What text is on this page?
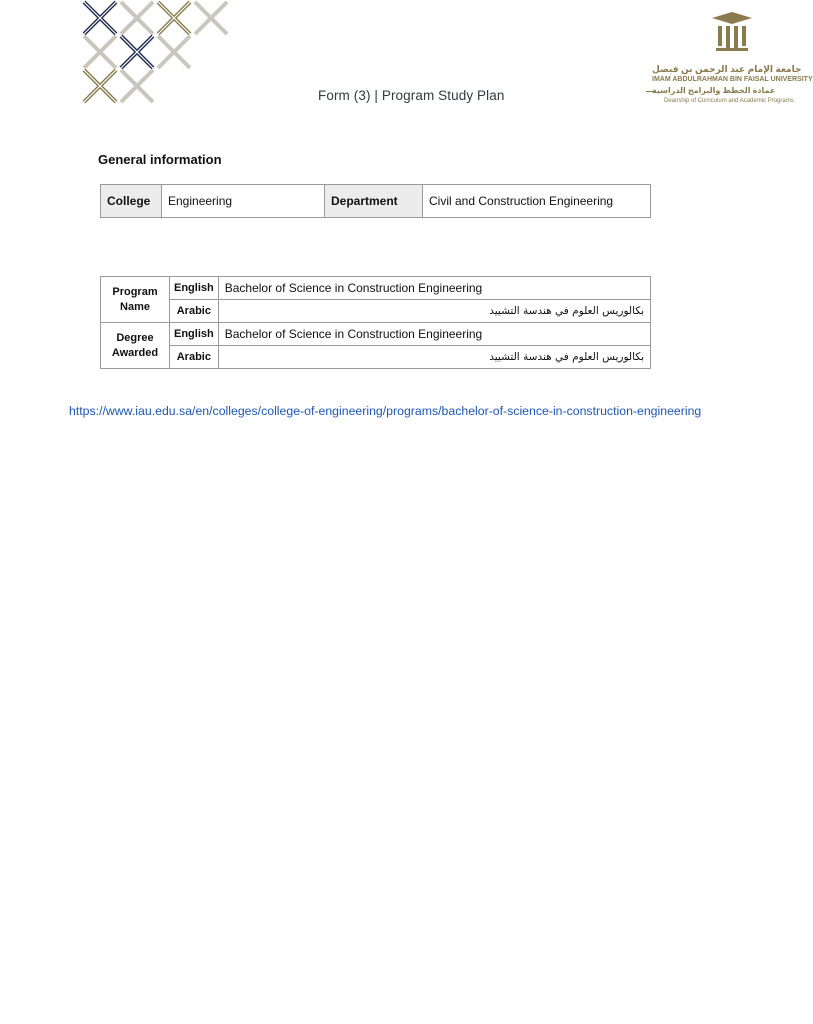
Form (3) | Program Study Plan
جامعة الإمام عبد الرحمن بن فيصل
IMAM ABDULRAHMAN BIN FAISAL UNIVERSITY
عمادة الخطط والبرامج الدراسية
Deanship of Curriculum and Academic Programs
General information
College	Engineering	Department	Civil and Construction Engineering
Program Name	English	Bachelor of Science in Construction Engineering
	Arabic	بكالوريس العلوم في هندسة التشييد
Degree Awarded	English	Bachelor of Science in Construction Engineering
	Arabic	بكالوريس العلوم في هندسة التشييد
https://www.iau.edu.sa/en/colleges/college-of-engineering/programs/bachelor-of-science-in-construction-engineering
